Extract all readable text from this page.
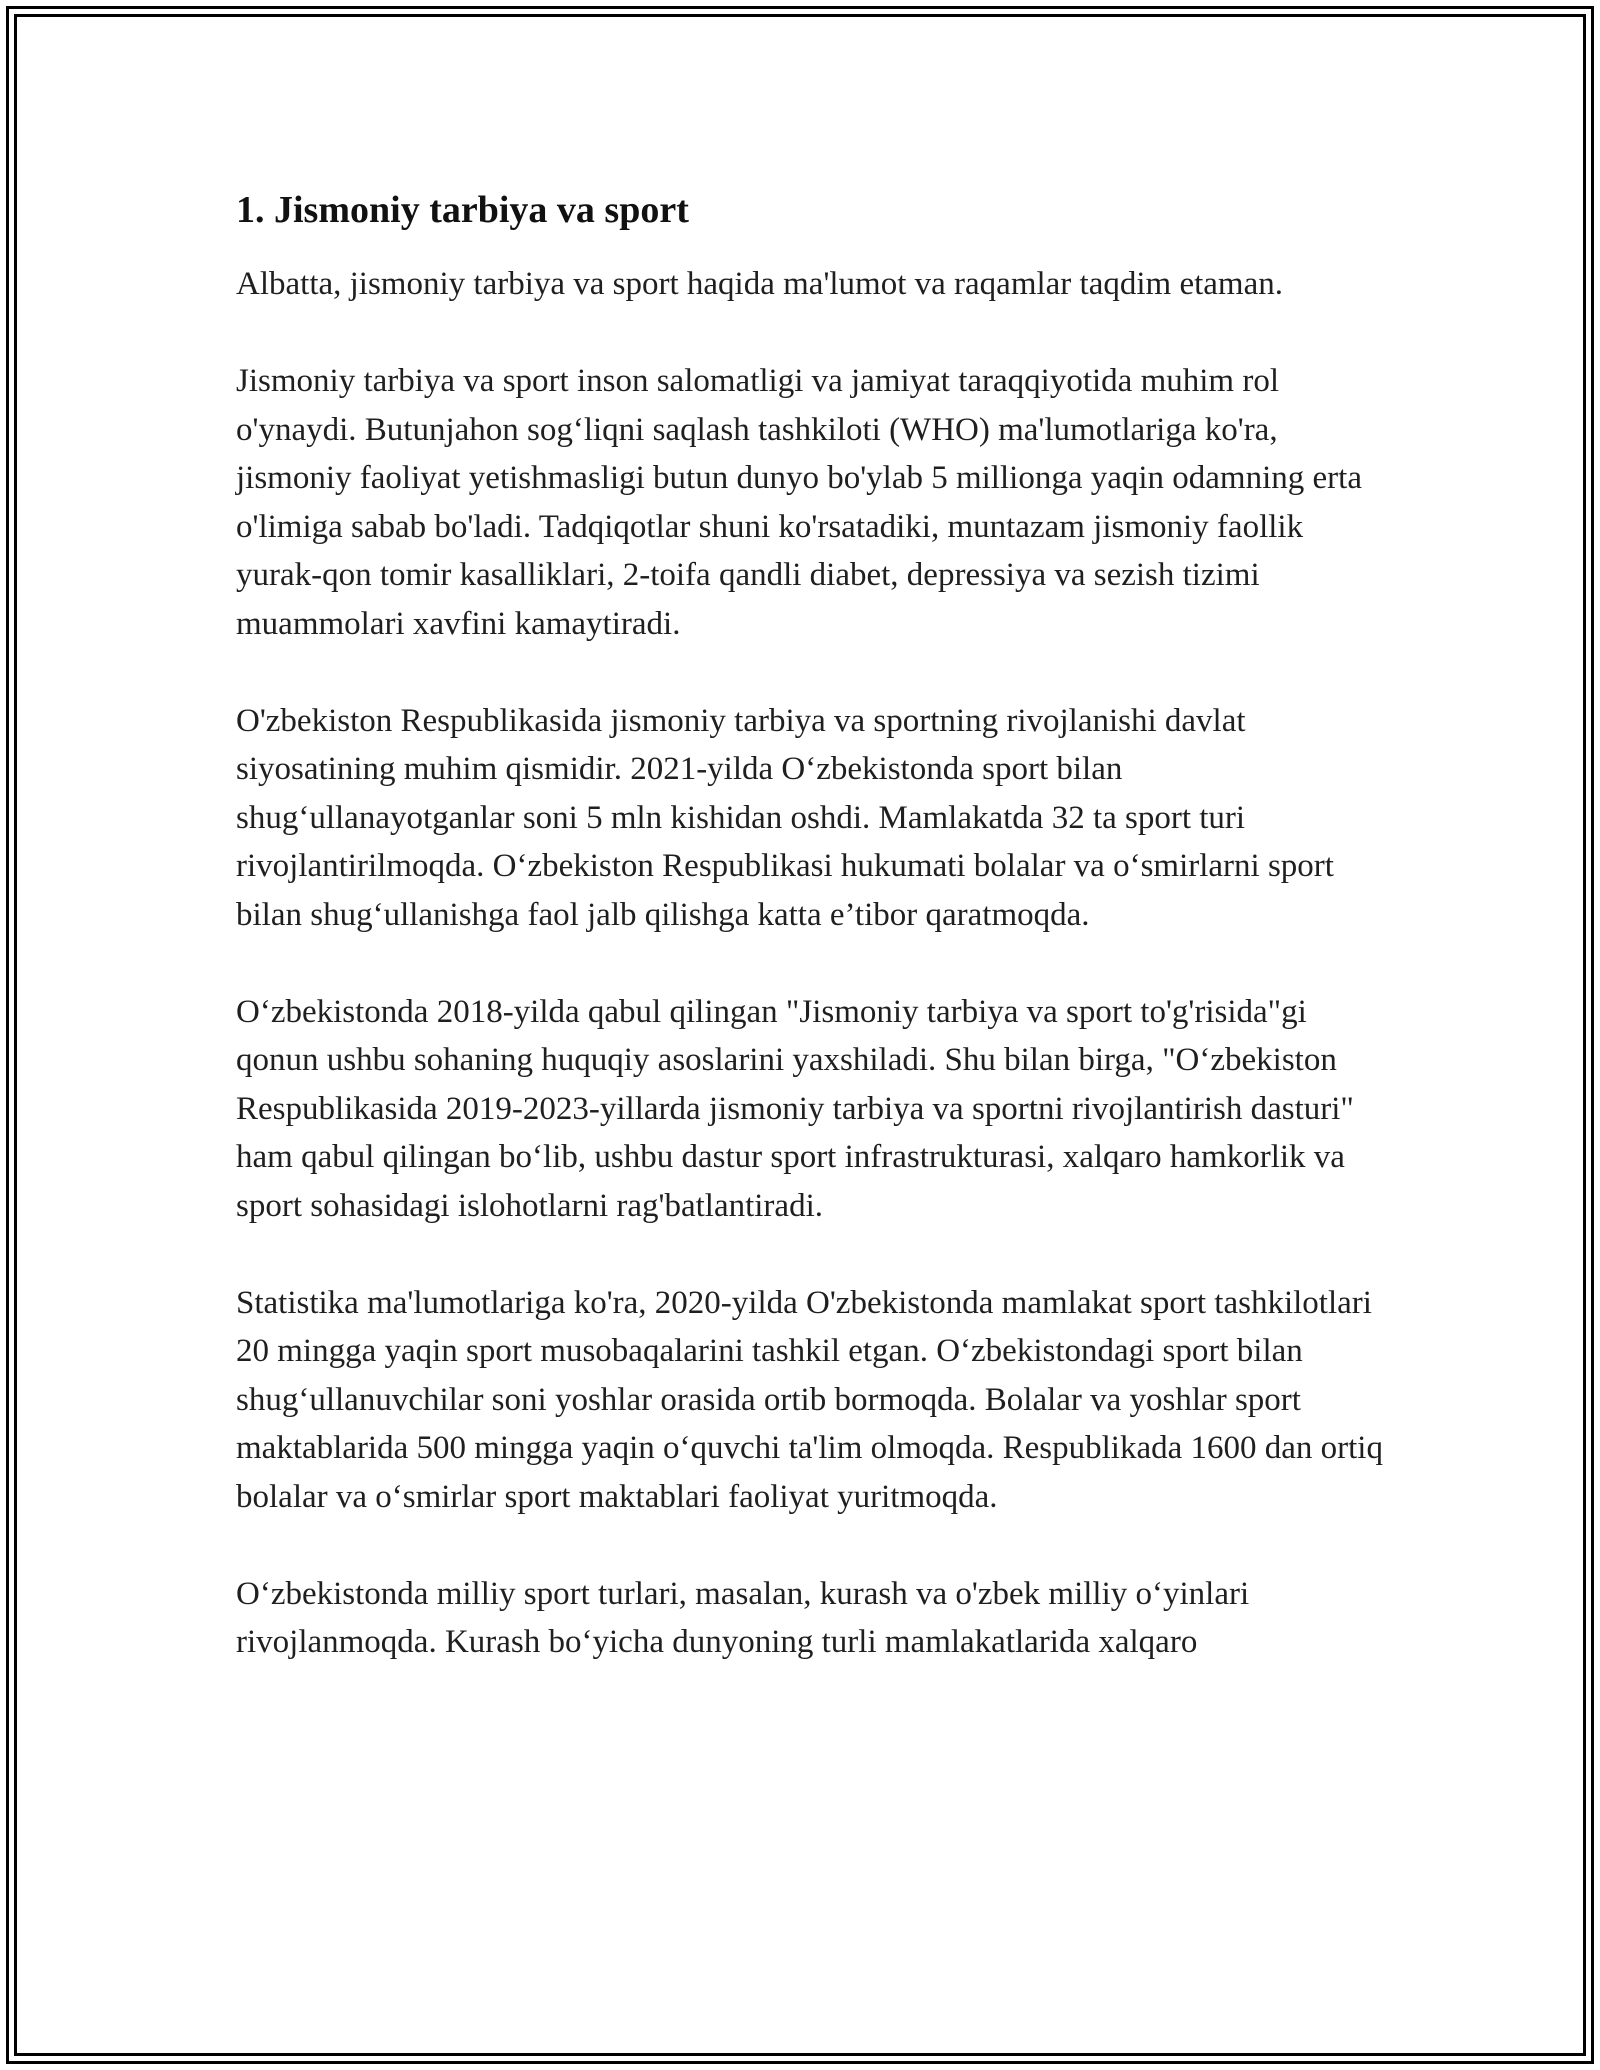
1. Jismoniy tarbiya va sport

Albatta, jismoniy tarbiya va sport haqida ma'lumot va raqamlar taqdim etaman.

Jismoniy tarbiya va sport inson salomatligi va jamiyat taraqqiyotida muhim rol o'ynaydi. Butunjahon sog‘liqni saqlash tashkiloti (WHO) ma'lumotlariga ko'ra, jismoniy faoliyat yetishmasligi butun dunyo bo'ylab 5 millionga yaqin odamning erta o'limiga sabab bo'ladi. Tadqiqotlar shuni ko'rsatadiki, muntazam jismoniy faollik yurak-qon tomir kasalliklari, 2-toifa qandli diabet, depressiya va sezish tizimi muammolari xavfini kamaytiradi.

O'zbekiston Respublikasida jismoniy tarbiya va sportning rivojlanishi davlat siyosatining muhim qismidir. 2021-yilda O‘zbekistonda sport bilan shug‘ullanayotganlar soni 5 mln kishidan oshdi. Mamlakatda 32 ta sport turi rivojlantirilmoqda. O‘zbekiston Respublikasi hukumati bolalar va o‘smirlarni sport bilan shug‘ullanishga faol jalb qilishga katta e’tibor qaratmoqda.

O‘zbekistonda 2018-yilda qabul qilingan "Jismoniy tarbiya va sport to'g'risida"gi qonun ushbu sohaning huquqiy asoslarini yaxshiladi. Shu bilan birga, "O‘zbekiston Respublikasida 2019-2023-yillarda jismoniy tarbiya va sportni rivojlantirish dasturi" ham qabul qilingan bo‘lib, ushbu dastur sport infrastrukturasi, xalqaro hamkorlik va sport sohasidagi islohotlarni rag'batlantiradi.

Statistika ma'lumotlariga ko'ra, 2020-yilda O'zbekistonda mamlakat sport tashkilotlari 20 mingga yaqin sport musobaqalarini tashkil etgan. O‘zbekistondagi sport bilan shug‘ullanuvchilar soni yoshlar orasida ortib bormoqda. Bolalar va yoshlar sport maktablarida 500 mingga yaqin o‘quvchi ta'lim olmoqda. Respublikada 1600 dan ortiq bolalar va o‘smirlar sport maktablari faoliyat yuritmoqda.

O‘zbekistonda milliy sport turlari, masalan, kurash va o'zbek milliy o‘yinlari rivojlanmoqda. Kurash bo‘yicha dunyoning turli mamlakatlarida xalqaro
